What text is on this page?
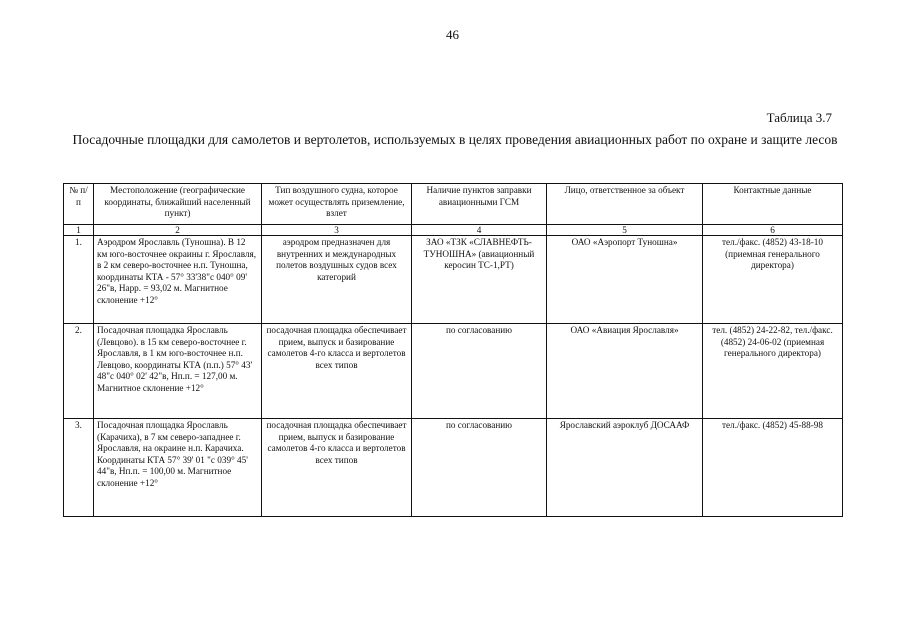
46
Таблица 3.7
Посадочные площадки для самолетов и вертолетов, используемых в целях проведения авиационных работ по охране и защите лесов
№ п/п	Местоположение (географические координаты, ближайший населенный пункт)	Тип воздушного судна, которое может осуществлять приземление, взлет	Наличие пунктов заправки авиационными ГСМ	Лицо, ответственное за объект	Контактные данные
1	2	3	4	5	6
1.	Аэродром Ярославль (Туношна). В 12 км юго-восточнее окраины г. Ярославля, в 2 км северо-восточнее н.п. Туношна, координаты КТА - 57° 33'38"с 040° 09' 26"в, Нарр. = 93,02 м. Магнитное склонение +12°	аэродром предназначен для внутренних и международных полетов воздушных судов всех категорий	ЗАО «ТЗК «СЛАВНЕФТЬ-ТУНОШНА» (авиационный керосин ТС-1,РТ)	ОАО «Аэропорт Туношна»	тел./факс. (4852) 43-18-10 (приемная генерального директора)
2.	Посадочная площадка Ярославль (Левцово). в 15 км северо-восточнее г. Ярославля, в 1 км юго-восточнее н.п. Левцово, координаты КТА (п.п.) 57° 43' 48"с 040° 02' 42"в, Нп.п. = 127,00 м. Магнитное склонение +12°	посадочная площадка обеспечивает прием, выпуск и базирование самолетов 4-го класса и вертолетов всех типов	по согласованию	ОАО «Авиация Ярославля»	тел. (4852) 24-22-82, тел./факс. (4852) 24-06-02 (приемная генерального директора)
3.	Посадочная площадка Ярославль (Карачиха), в 7 км северо-западнее г. Ярославля, на окраине н.п. Карачиха. Координаты КТА 57° 39' 01 "с 039° 45' 44"в, Нп.п. = 100,00 м. Магнитное склонение +12°	посадочная площадка обеспечивает прием, выпуск и базирование самолетов 4-го класса и вертолетов всех типов	по согласованию	Ярославский аэроклуб ДОСААФ	тел./факс. (4852) 45-88-98
